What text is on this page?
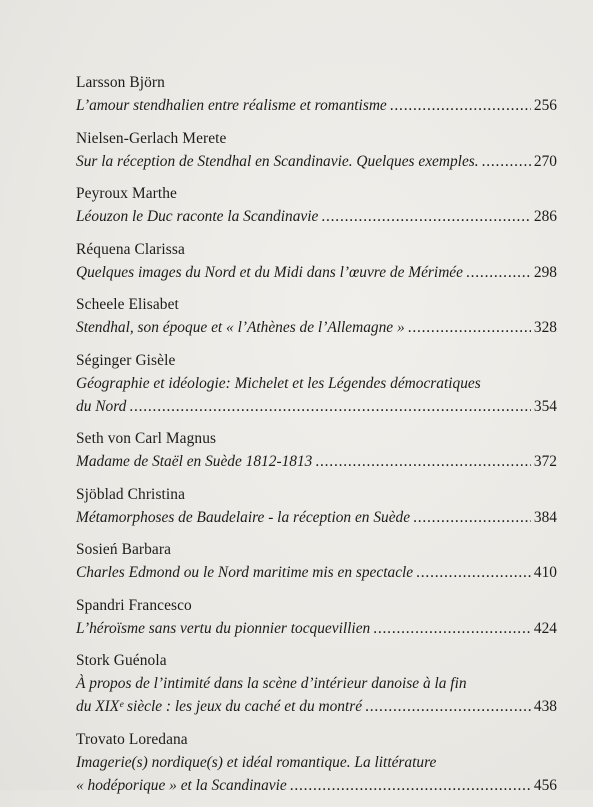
Larsson Björn
L’amour stendhalien entre réalisme et romantisme .....	256
Nielsen-Gerlach Merete
Sur la réception de Stendhal en Scandinavie. Quelques exemples. .....	270
Peyroux Marthe
Léouzon le Duc raconte la Scandinavie .....	286
Réquena Clarissa
Quelques images du Nord et du Midi dans l’œuvre de Mérimée .....	298
Scheele Elisabet
Stendhal, son époque et « l’Athènes de l’Allemagne » .....	328
Séginger Gisèle
Géographie et idéologie: Michelet et les Légendes démocratiques
du Nord .....	354
Seth von Carl Magnus
Madame de Staël en Suède 1812-1813 .....	372
Sjöblad Christina
Métamorphoses de Baudelaire - la réception en Suède .....	384
Sosień Barbara
Charles Edmond ou le Nord maritime mis en spectacle .....	410
Spandri Francesco
L’héroïsme sans vertu du pionnier tocquevillien .....	424
Stork Guénola
À propos de l’intimité dans la scène d’intérieur danoise à la fin
du XIXᵉ siècle : les jeux du caché et du montré .....	438
Trovato Loredana
Imagerie(s) nordique(s) et idéal romantique. La littérature
« hodéporique » et la Scandinavie .....	456
